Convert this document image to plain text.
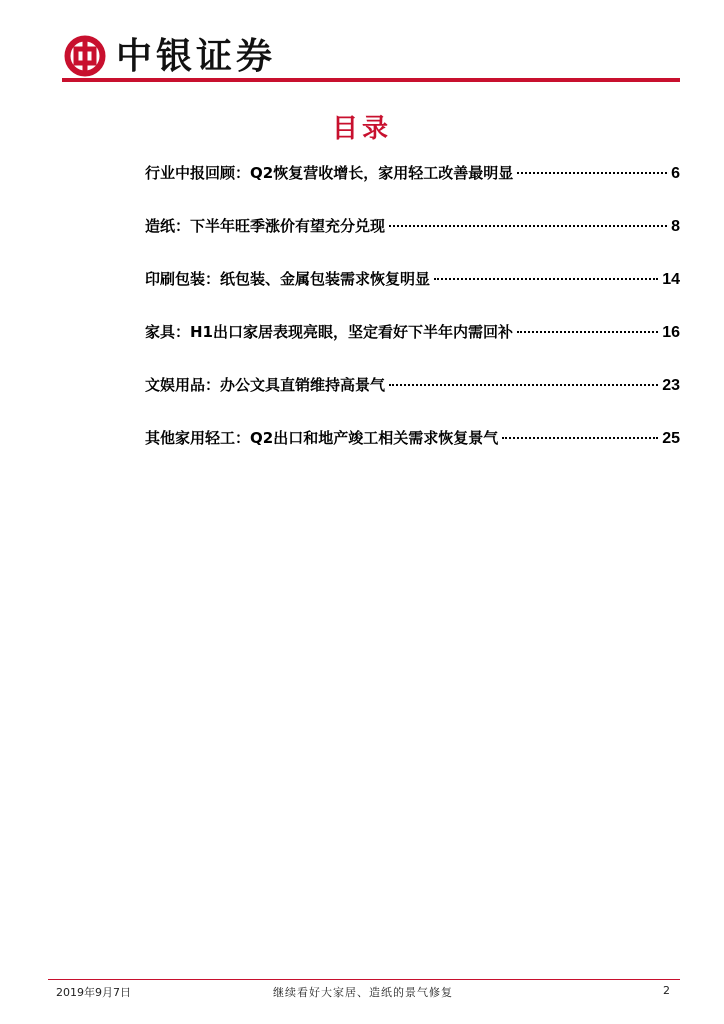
中银证券
目录
行业中报回顾：Q2恢复营收增长，家用轻工改善最明显	6
造纸：下半年旺季涨价有望充分兑现	8
印刷包装：纸包装、金属包装需求恢复明显	14
家具：H1出口家居表现亮眼，坚定看好下半年内需回补	16
文娱用品：办公文具直销维持高景气	23
其他家用轻工：Q2出口和地产竣工相关需求恢复景气	25
2019年9月7日	继续看好大家居、造纸的景气修复	2
